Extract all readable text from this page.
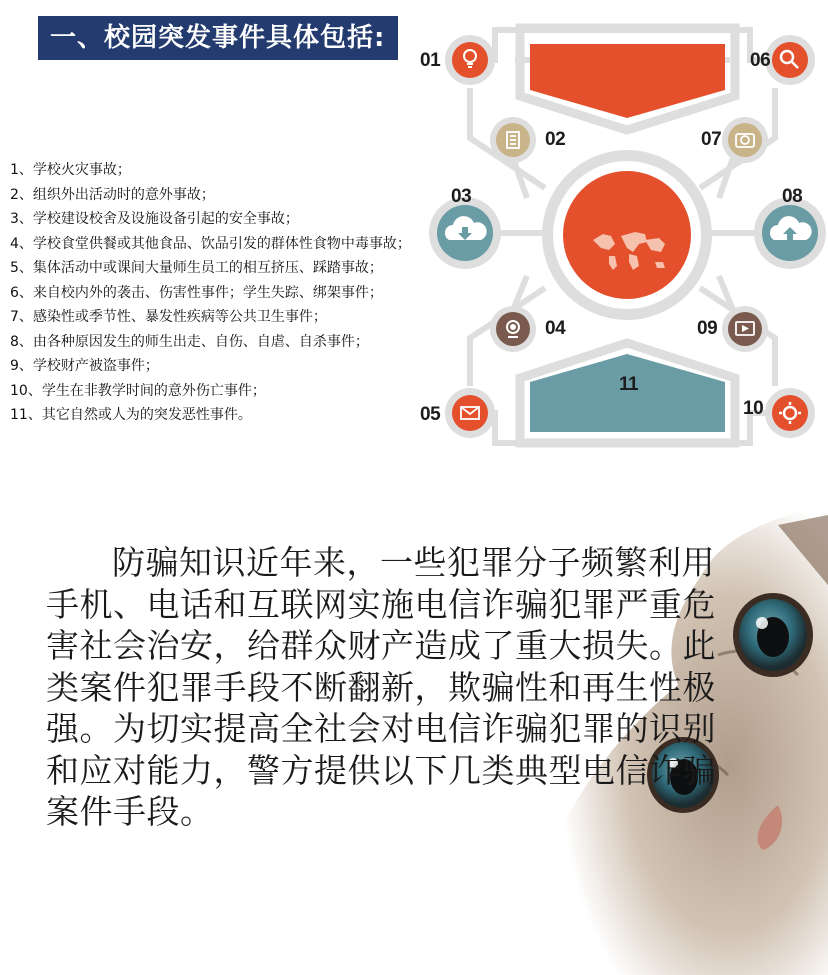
一、校园突发事件具体包括:
1、学校火灾事故；
2、组织外出活动时的意外事故；
3、学校建设校舍及设施设备引起的安全事故；
4、学校食堂供餐或其他食品、饮品引发的群体性食物中毒事故；
5、集体活动中或课间大量师生员工的相互挤压、踩踏事故；
6、来自校内外的袭击、伤害性事件；学生失踪、绑架事件；
7、感染性或季节性、暴发性疾病等公共卫生事件；
8、由各种原因发生的师生出走、自伤、自虐、自杀事件；
9、学校财产被盗事件；
10、学生在非教学时间的意外伤亡事件；
11、其它自然或人为的突发恶性事件。
01
02
03
04
05
06
07
08
09
10
11

防骗知识近年来，一些犯罪分子频繁利用手机、电话和互联网实施电信诈骗犯罪严重危害社会治安，给群众财产造成了重大损失。此类案件犯罪手段不断翻新，欺骗性和再生性极强。为切实提高全社会对电信诈骗犯罪的识别和应对能力，警方提供以下几类典型电信诈骗案件手段。
